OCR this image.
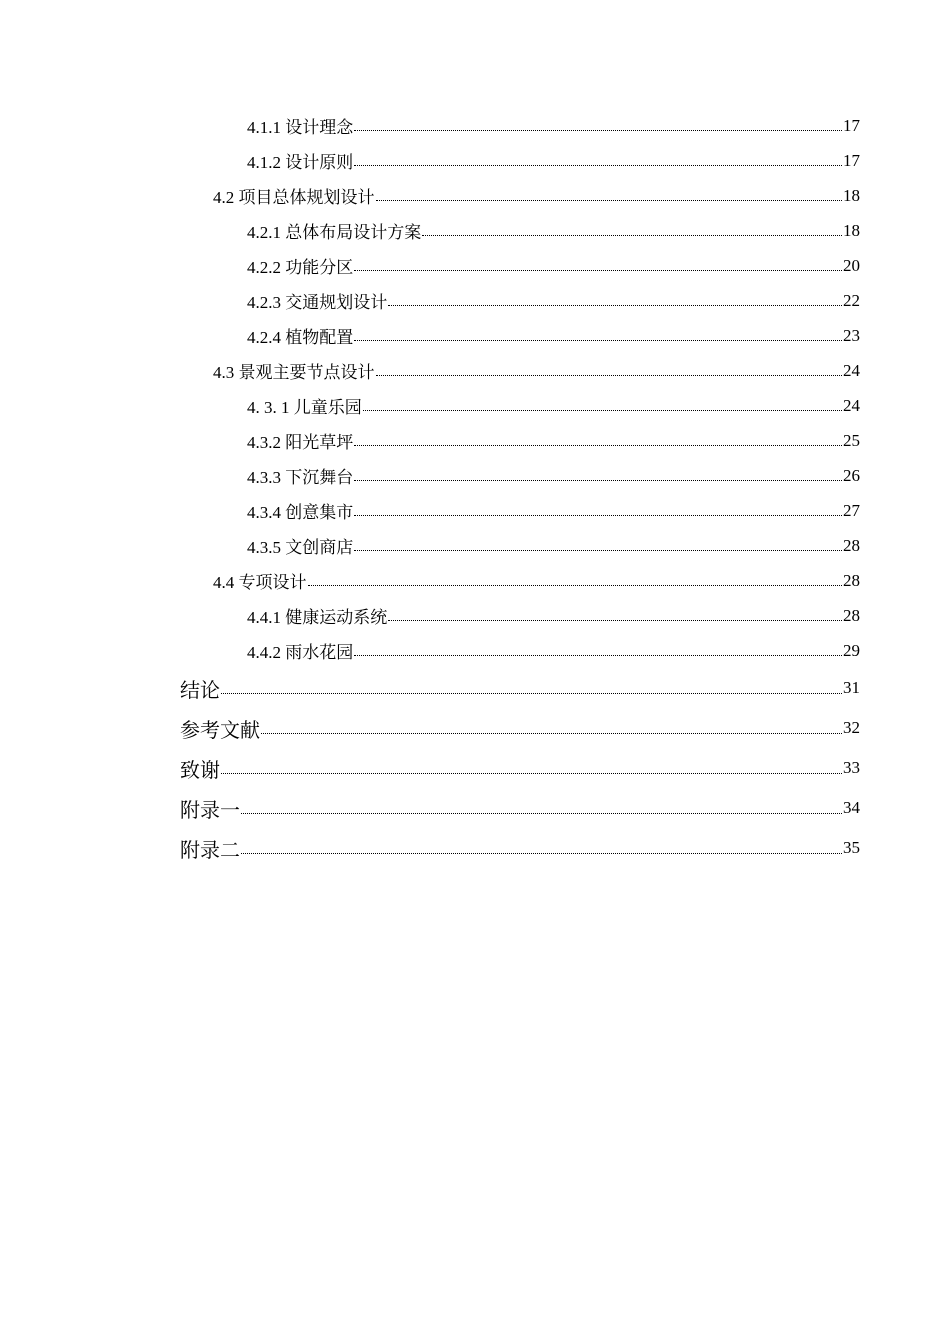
4.1.1 设计理念	17
4.1.2 设计原则	17
4.2 项目总体规划设计	18
4.2.1 总体布局设计方案	18
4.2.2 功能分区	20
4.2.3 交通规划设计	22
4.2.4 植物配置	23
4.3 景观主要节点设计	24
4. 3. 1 儿童乐园	24
4.3.2 阳光草坪	25
4.3.3 下沉舞台	26
4.3.4 创意集市	27
4.3.5 文创商店	28
4.4 专项设计	28
4.4.1 健康运动系统	28
4.4.2 雨水花园	29
结论	31
参考文献	32
致谢	33
附录一	34
附录二	35
